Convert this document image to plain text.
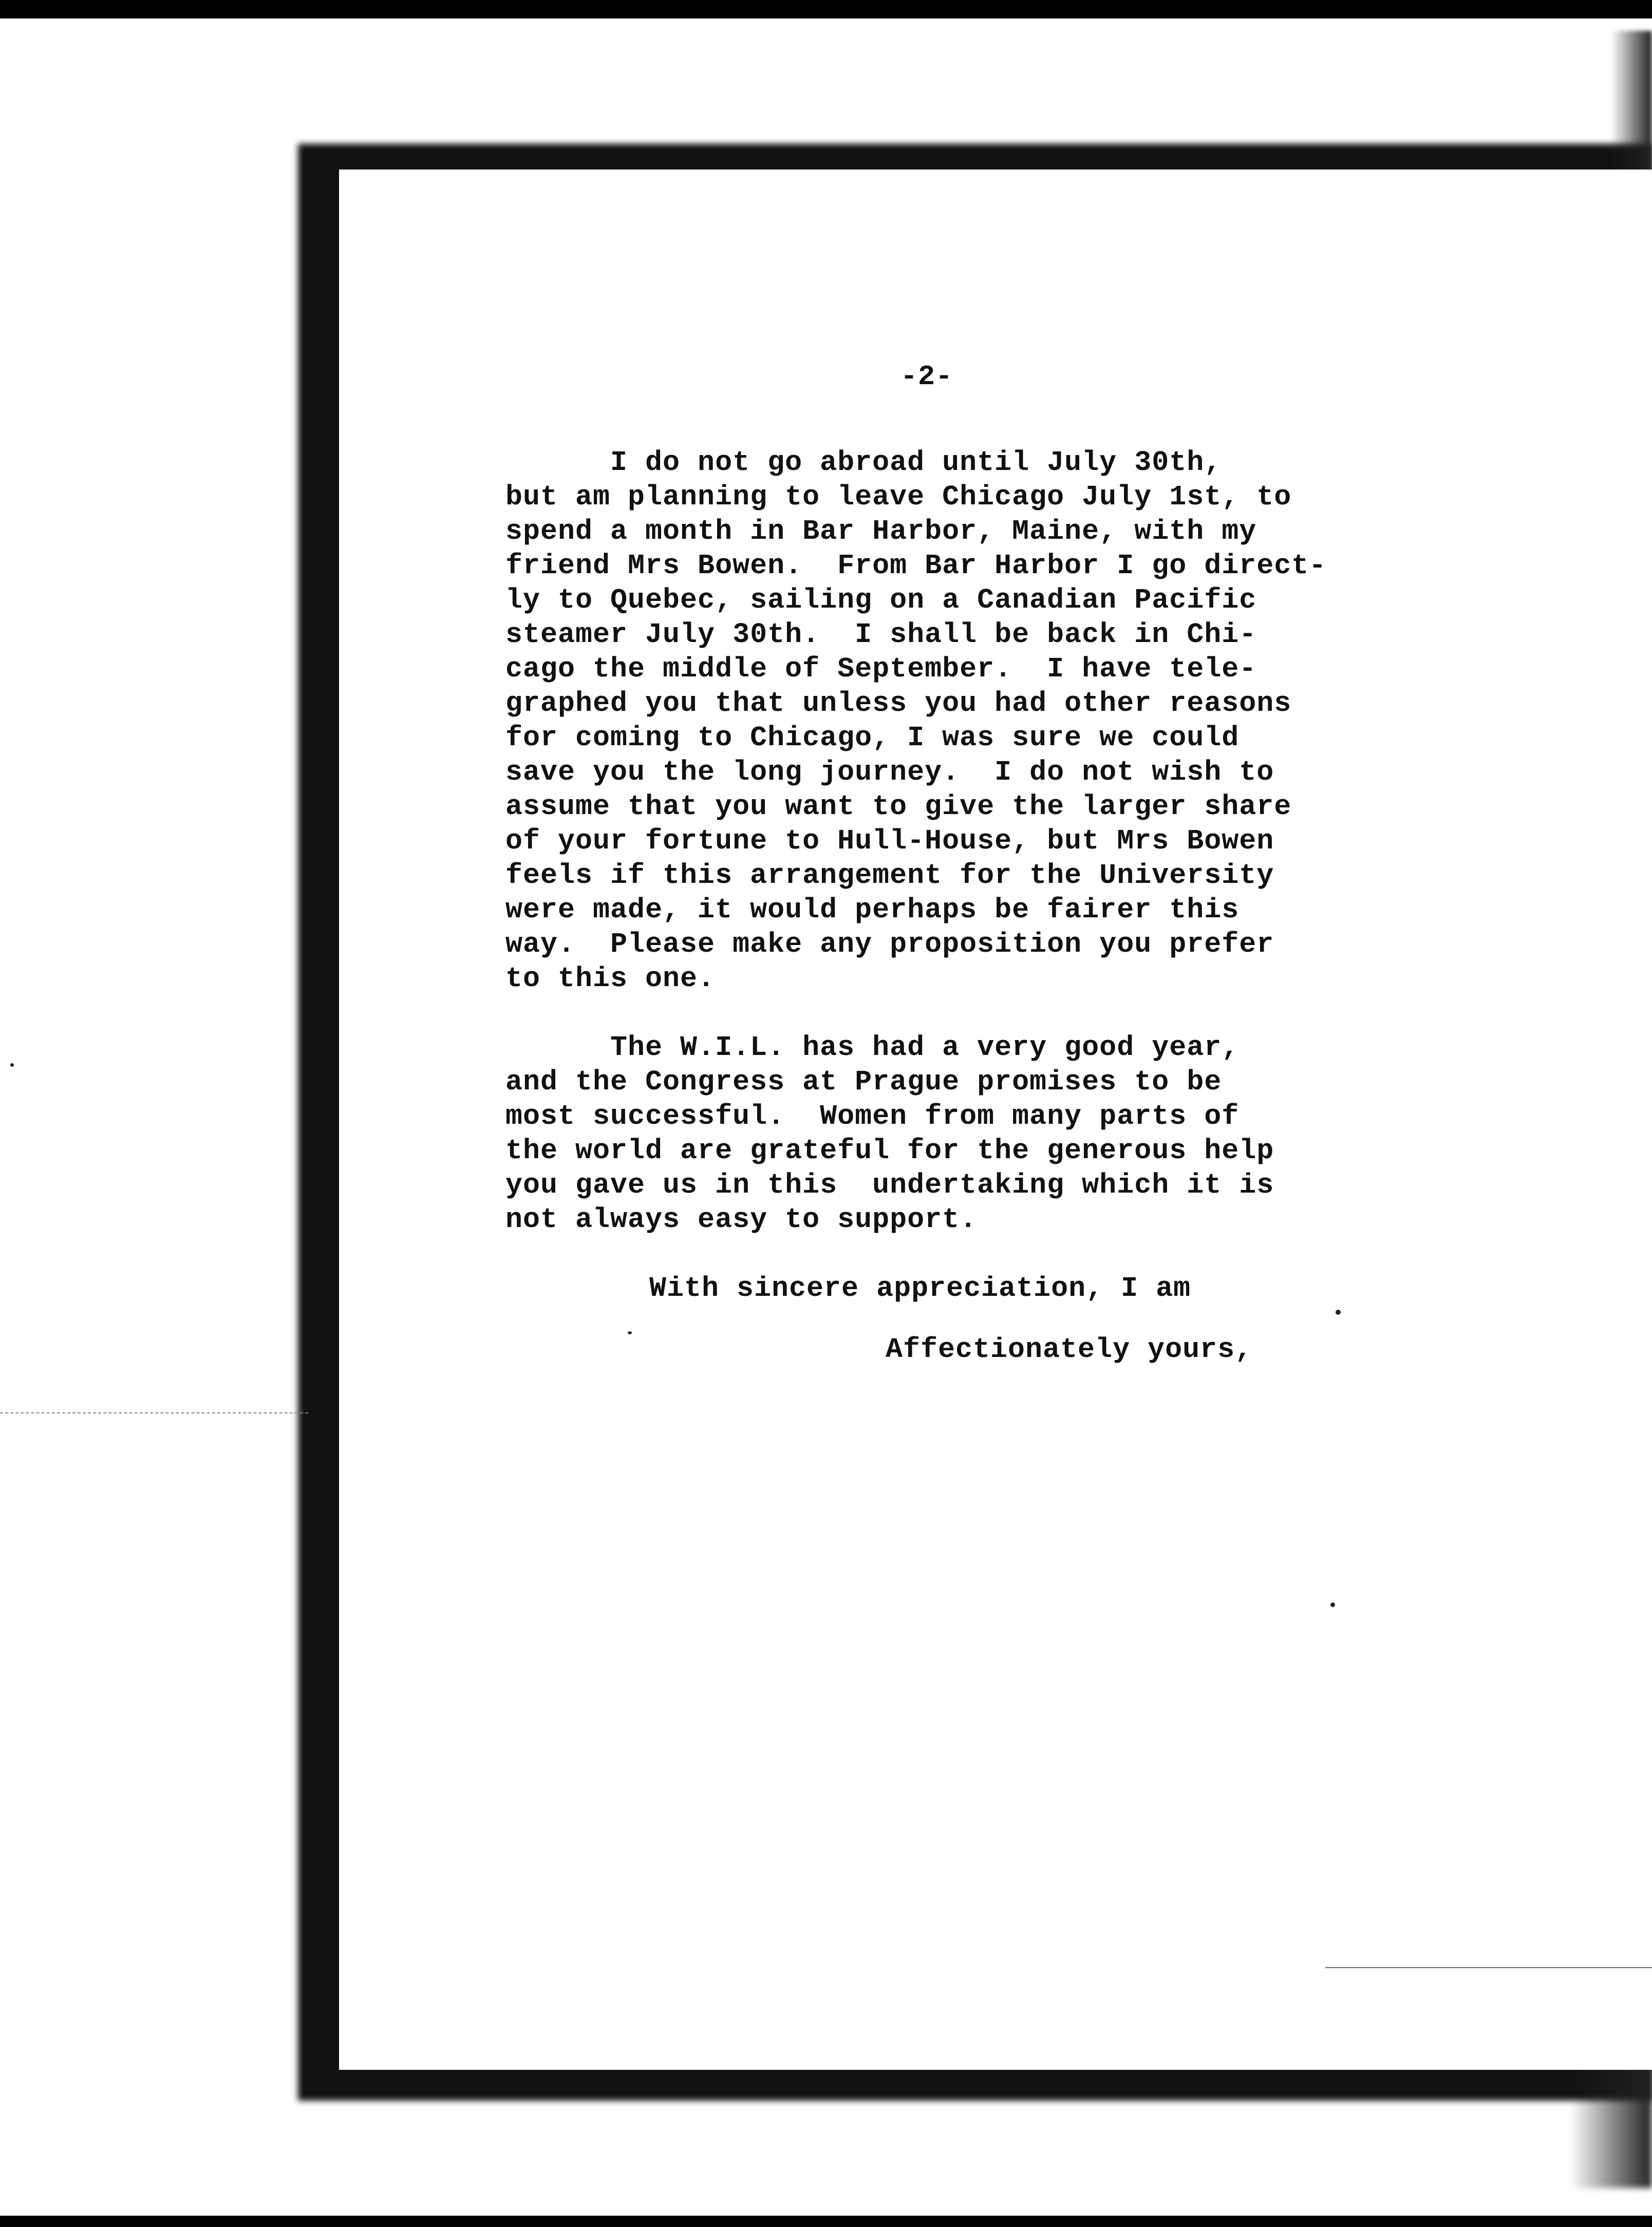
-2-

I do not go abroad until July 30th,

but am planning to leave Chicago July 1st, to

spend a month in Bar Harbor, Maine, with my

friend Mrs Bowen.  From Bar Harbor I go direct-

ly to Quebec, sailing on a Canadian Pacific

steamer July 30th.  I shall be back in Chi-

cago the middle of September.  I have tele-

graphed you that unless you had other reasons

for coming to Chicago, I was sure we could

save you the long journey.  I do not wish to

assume that you want to give the larger share

of your fortune to Hull-House, but Mrs Bowen

feels if this arrangement for the University

were made, it would perhaps be fairer this

way.  Please make any proposition you prefer

to this one.

The W.I.L. has had a very good year,

and the Congress at Prague promises to be

most successful.  Women from many parts of

the world are grateful for the generous help

you gave us in this  undertaking which it is

not always easy to support.

With sincere appreciation, I am
Affectionately yours,
